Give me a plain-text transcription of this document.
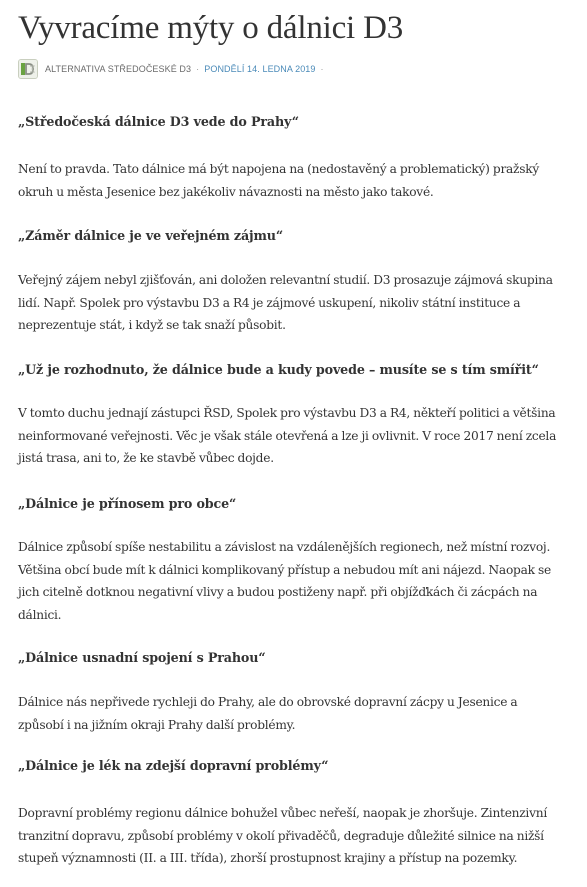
Vyvracíme mýty o dálnici D3
ALTERNATIVA STŘEDOČESKÉ D3 · PONDĚLÍ 14. LEDNA 2019 ·

„Středočeská dálnice D3 vede do Prahy“

Není to pravda. Tato dálnice má být napojena na (nedostavěný a problematický) pražský

okruh u města Jesenice bez jakékoliv návaznosti na město jako takové.

„Záměr dálnice je ve veřejném zájmu“

Veřejný zájem nebyl zjišťován, ani doložen relevantní studií. D3 prosazuje zájmová skupina

lidí. Např. Spolek pro výstavbu D3 a R4 je zájmové uskupení, nikoliv státní instituce a

neprezentuje stát, i když se tak snaží působit.

„Už je rozhodnuto, že dálnice bude a kudy povede – musíte se s tím smířit“

V tomto duchu jednají zástupci ŘSD, Spolek pro výstavbu D3 a R4, někteří politici a většina

neinformované veřejnosti. Věc je však stále otevřená a lze ji ovlivnit. V roce 2017 není zcela

jistá trasa, ani to, že ke stavbě vůbec dojde.

„Dálnice je přínosem pro obce“

Dálnice způsobí spíše nestabilitu a závislost na vzdálenějších regionech, než místní rozvoj.

Většina obcí bude mít k dálnici komplikovaný přístup a nebudou mít ani nájezd. Naopak se

jich citelně dotknou negativní vlivy a budou postiženy např. při objížďkách či zácpách na

dálnici.

„Dálnice usnadní spojení s Prahou“

Dálnice nás nepřivede rychleji do Prahy, ale do obrovské dopravní zácpy u Jesenice a

způsobí i na jižním okraji Prahy další problémy.

„Dálnice je lék na zdejší dopravní problémy“

Dopravní problémy regionu dálnice bohužel vůbec neřeší, naopak je zhoršuje. Zintenzivní

tranzitní dopravu, způsobí problémy v okolí přivaděčů, degraduje důležité silnice na nižší

stupeň významnosti (II. a III. třída), zhorší prostupnost krajiny a přístup na pozemky.
